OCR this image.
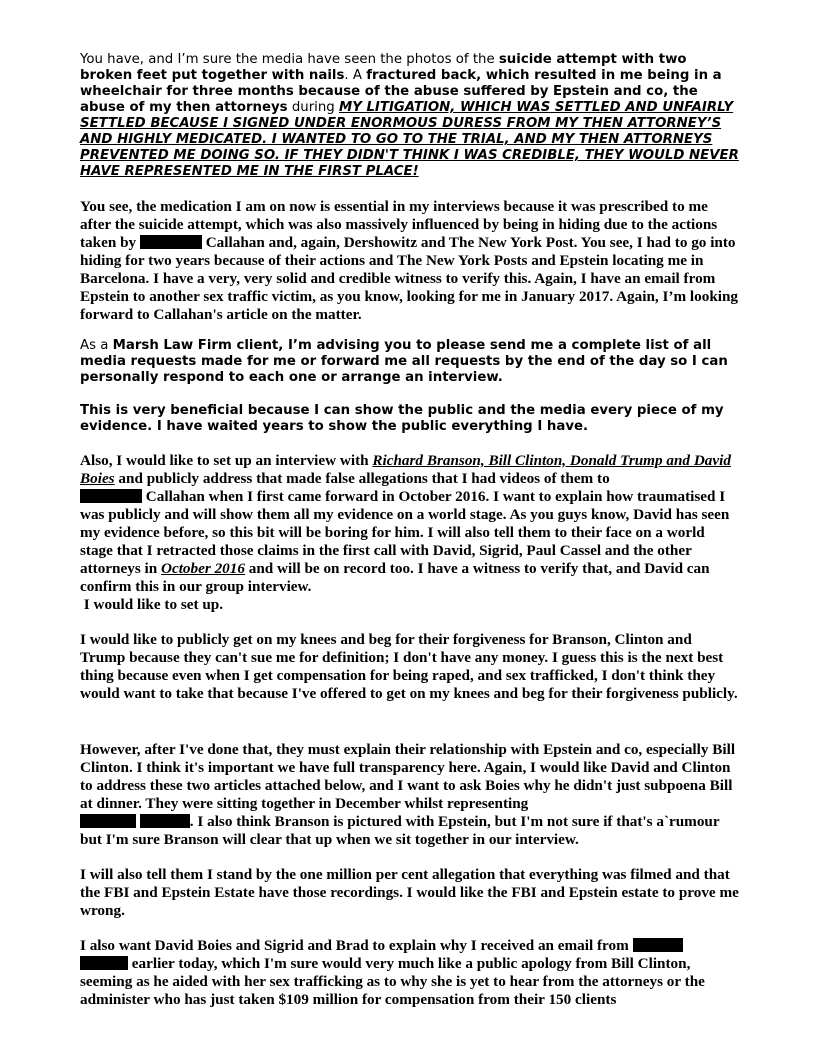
You have, and I’m sure the media have seen the photos of the suicide attempt with two broken feet put together with nails. A fractured back, which resulted in me being in a wheelchair for three months because of the abuse suffered by Epstein and co, the abuse of my then attorneys during MY LITIGATION, WHICH WAS SETTLED AND UNFAIRLY SETTLED BECAUSE I SIGNED UNDER ENORMOUS DURESS FROM MY THEN ATTORNEY’S AND HIGHLY MEDICATED. I WANTED TO GO TO THE TRIAL, AND MY THEN ATTORNEYS PREVENTED ME DOING SO. IF THEY DIDN'T THINK I WAS CREDIBLE, THEY WOULD NEVER HAVE REPRESENTED ME IN THE FIRST PLACE!

You see, the medication I am on now is essential in my interviews because it was prescribed to me after the suicide attempt, which was also massively influenced by being in hiding due to the actions taken by	Callahan and, again, Dershowitz and The New York Post. You see, I had to go into hiding for two years because of their actions and The New York Posts and Epstein locating me in Barcelona. I have a very, very solid and credible witness to verify this. Again, I have an email from Epstein to another sex traffic victim, as you know, looking for me in January 2017. Again, I’m looking forward to Callahan's article on the matter.

As a Marsh Law Firm client, I’m advising you to please send me a complete list of all media requests made for me or forward me all requests by the end of the day so I can personally respond to each one or arrange an interview.

This is very beneficial because I can show the public and the media every piece of my evidence. I have waited years to show the public everything I have.

Also, I would like to set up an interview with Richard Branson, Bill Clinton, Donald Trump and David Boies and publicly address that made false allegations that I had videos of them to
Callahan when I first came forward in October 2016. I want to explain how traumatised I was publicly and will show them all my evidence on a world stage. As you guys know, David has seen my evidence before, so this bit will be boring for him. I will also tell them to their face on a world stage that I retracted those claims in the first call with David, Sigrid, Paul Cassel and the other attorneys in October 2016 and will be on record too. I have a witness to verify that, and David can confirm this in our group interview.
I would like to set up.

I would like to publicly get on my knees and beg for their forgiveness for Branson, Clinton and Trump because they can't sue me for definition; I don't have any money. I guess this is the next best thing because even when I get compensation for being raped, and sex trafficked, I don't think they would want to take that because I've offered to get on my knees and beg for their forgiveness publicly.

However, after I've done that, they must explain their relationship with Epstein and co, especially Bill Clinton. I think it's important we have full transparency here. Again, I would like David and Clinton to address these two articles attached below, and I want to ask Boies why he didn't just subpoena Bill at dinner. They were sitting together in December whilst representing
. I also think Branson is pictured with Epstein, but I'm not sure if that's a`rumour but I'm sure Branson will clear that up when we sit together in our interview.

I will also tell them I stand by the one million per cent allegation that everything was filmed and that the FBI and Epstein Estate have those recordings. I would like the FBI and Epstein estate to prove me wrong.

I also want David Boies and Sigrid and Brad to explain why I received an email from
earlier today, which I'm sure would very much like a public apology from Bill Clinton, seeming as he aided with her sex trafficking as to why she is yet to hear from the attorneys or the administer who has just taken $109 million for compensation from their 150 clients
